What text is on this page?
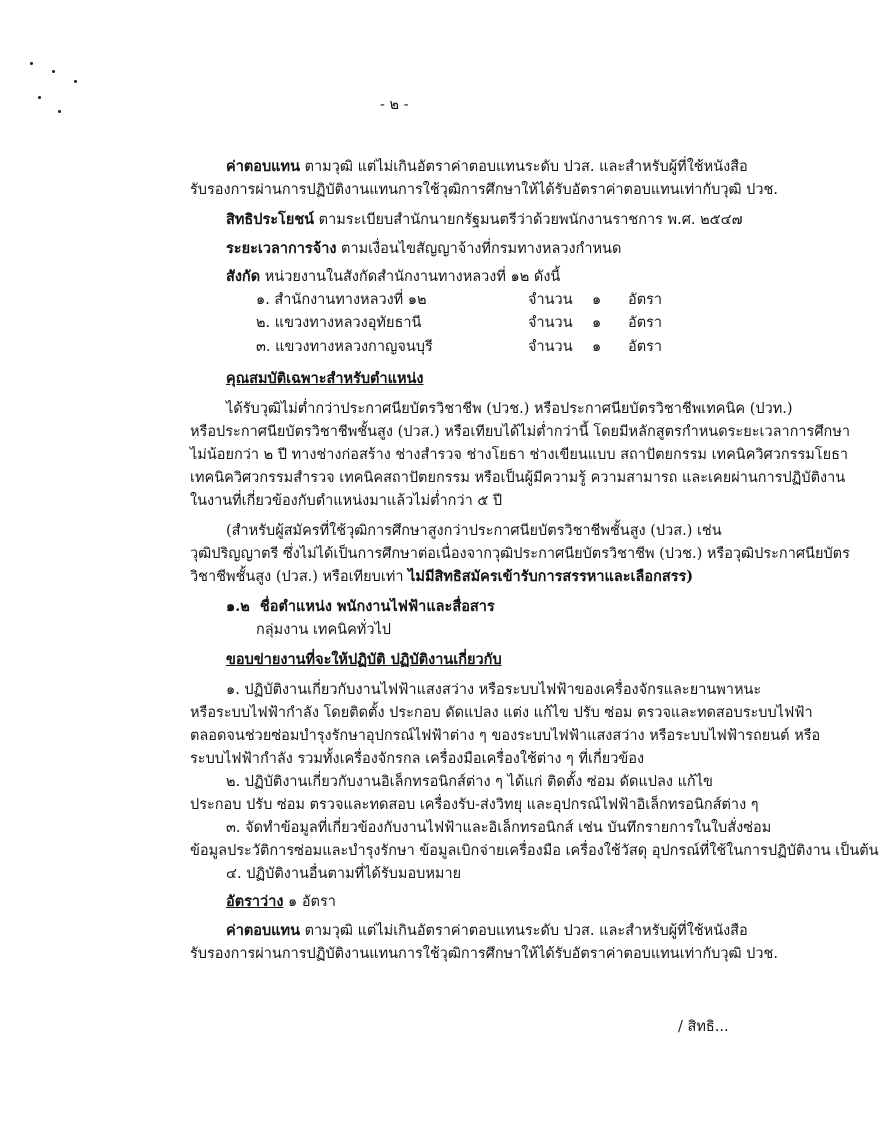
- ๒ -
ค่าตอบแทน ตามวุฒิ แต่ไม่เกินอัตราค่าตอบแทนระดับ ปวส. และสำหรับผู้ที่ใช้หนังสือ
รับรองการผ่านการปฏิบัติงานแทนการใช้วุฒิการศึกษาให้ได้รับอัตราค่าตอบแทนเท่ากับวุฒิ ปวช.
สิทธิประโยชน์ ตามระเบียบสำนักนายกรัฐมนตรีว่าด้วยพนักงานราชการ พ.ศ. ๒๕๔๗
ระยะเวลาการจ้าง ตามเงื่อนไขสัญญาจ้างที่กรมทางหลวงกำหนด
สังกัด หน่วยงานในสังกัดสำนักงานทางหลวงที่ ๑๒ ดังนี้
๑. สำนักงานทางหลวงที่ ๑๒	จำนวน ๑ อัตรา
๒. แขวงทางหลวงอุทัยธานี	จำนวน ๑ อัตรา
๓. แขวงทางหลวงกาญจนบุรี	จำนวน ๑ อัตรา
คุณสมบัติเฉพาะสำหรับตำแหน่ง
ได้รับวุฒิไม่ต่ำกว่าประกาศนียบัตรวิชาชีพ (ปวช.) หรือประกาศนียบัตรวิชาชีพเทคนิค (ปวท.)
หรือประกาศนียบัตรวิชาชีพชั้นสูง (ปวส.) หรือเทียบได้ไม่ต่ำกว่านี้ โดยมีหลักสูตรกำหนดระยะเวลาการศึกษา
ไม่น้อยกว่า ๒ ปี ทางช่างก่อสร้าง ช่างสำรวจ ช่างโยธา ช่างเขียนแบบ สถาปัตยกรรม เทคนิควิศวกรรมโยธา
เทคนิควิศวกรรมสำรวจ เทคนิคสถาปัตยกรรม หรือเป็นผู้มีความรู้ ความสามารถ และเคยผ่านการปฏิบัติงาน
ในงานที่เกี่ยวข้องกับตำแหน่งมาแล้วไม่ต่ำกว่า ๕ ปี
(สำหรับผู้สมัครที่ใช้วุฒิการศึกษาสูงกว่าประกาศนียบัตรวิชาชีพชั้นสูง (ปวส.) เช่น
วุฒิปริญญาตรี ซึ่งไม่ได้เป็นการศึกษาต่อเนื่องจากวุฒิประกาศนียบัตรวิชาชีพ (ปวช.) หรือวุฒิประกาศนียบัตร
วิชาชีพชั้นสูง (ปวส.) หรือเทียบเท่า ไม่มีสิทธิสมัครเข้ารับการสรรหาและเลือกสรร)
๑.๒ ชื่อตำแหน่ง พนักงานไฟฟ้าและสื่อสาร
กลุ่มงาน เทคนิคทั่วไป
ขอบข่ายงานที่จะให้ปฏิบัติ ปฏิบัติงานเกี่ยวกับ
๑. ปฏิบัติงานเกี่ยวกับงานไฟฟ้าแสงสว่าง หรือระบบไฟฟ้าของเครื่องจักรและยานพาหนะ
หรือระบบไฟฟ้ากำลัง โดยติดตั้ง ประกอบ ดัดแปลง แต่ง แก้ไข ปรับ ซ่อม ตรวจและทดสอบระบบไฟฟ้า
ตลอดจนช่วยซ่อมบำรุงรักษาอุปกรณ์ไฟฟ้าต่าง ๆ ของระบบไฟฟ้าแสงสว่าง หรือระบบไฟฟ้ารถยนต์ หรือ
ระบบไฟฟ้ากำลัง รวมทั้งเครื่องจักรกล เครื่องมือเครื่องใช้ต่าง ๆ ที่เกี่ยวข้อง
๒. ปฏิบัติงานเกี่ยวกับงานอิเล็กทรอนิกส์ต่าง ๆ ได้แก่ ติดตั้ง ซ่อม ดัดแปลง แก้ไข
ประกอบ ปรับ ซ่อม ตรวจและทดสอบ เครื่องรับ-ส่งวิทยุ และอุปกรณ์ไฟฟ้าอิเล็กทรอนิกส์ต่าง ๆ
๓. จัดทำข้อมูลที่เกี่ยวข้องกับงานไฟฟ้าและอิเล็กทรอนิกส์ เช่น บันทึกรายการในใบสั่งซ่อม
ข้อมูลประวัติการซ่อมและบำรุงรักษา ข้อมูลเบิกจ่ายเครื่องมือ เครื่องใช้วัสดุ อุปกรณ์ที่ใช้ในการปฏิบัติงาน เป็นต้น
๔. ปฏิบัติงานอื่นตามที่ได้รับมอบหมาย
อัตราว่าง ๑ อัตรา
ค่าตอบแทน ตามวุฒิ แต่ไม่เกินอัตราค่าตอบแทนระดับ ปวส. และสำหรับผู้ที่ใช้หนังสือ
รับรองการผ่านการปฏิบัติงานแทนการใช้วุฒิการศึกษาให้ได้รับอัตราค่าตอบแทนเท่ากับวุฒิ ปวช.
/ สิทธิ...
